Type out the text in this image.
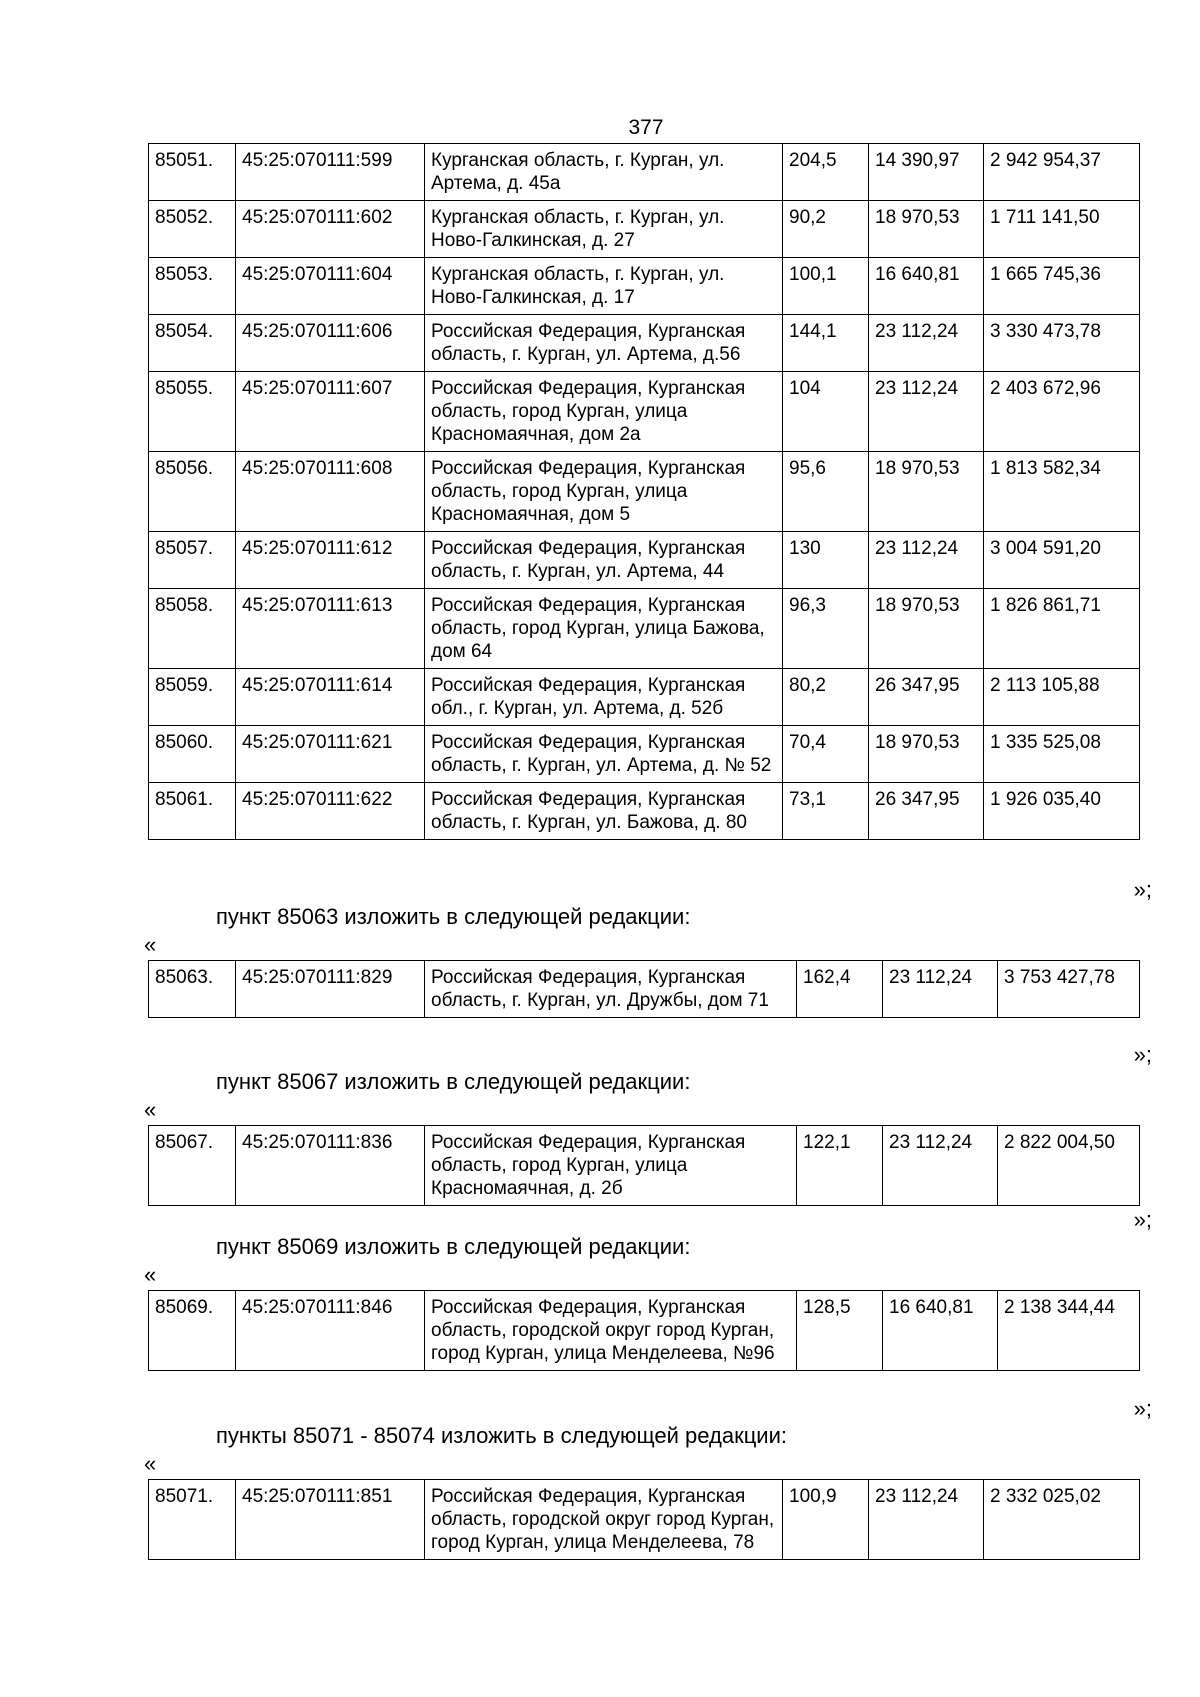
377
85051.	45:25:070111:599	Курганская область, г. Курган, ул. Артема, д. 45а	204,5	14 390,97	2 942 954,37
85052.	45:25:070111:602	Курганская область, г. Курган, ул. Ново-Галкинская, д. 27	90,2	18 970,53	1 711 141,50
85053.	45:25:070111:604	Курганская область, г. Курган, ул. Ново-Галкинская, д. 17	100,1	16 640,81	1 665 745,36
85054.	45:25:070111:606	Российская Федерация, Курганская область, г. Курган, ул. Артема, д.56	144,1	23 112,24	3 330 473,78
85055.	45:25:070111:607	Российская Федерация, Курганская область, город Курган, улица Красномаячная, дом 2а	104	23 112,24	2 403 672,96
85056.	45:25:070111:608	Российская Федерация, Курганская область, город Курган, улица Красномаячная, дом 5	95,6	18 970,53	1 813 582,34
85057.	45:25:070111:612	Российская Федерация, Курганская область, г. Курган, ул. Артема, 44	130	23 112,24	3 004 591,20
85058.	45:25:070111:613	Российская Федерация, Курганская область, город Курган, улица Бажова, дом 64	96,3	18 970,53	1 826 861,71
85059.	45:25:070111:614	Российская Федерация, Курганская обл., г. Курган, ул. Артема, д. 52б	80,2	26 347,95	2 113 105,88
85060.	45:25:070111:621	Российская Федерация, Курганская область, г. Курган, ул. Артема, д. № 52	70,4	18 970,53	1 335 525,08
85061.	45:25:070111:622	Российская Федерация, Курганская область, г. Курган, ул. Бажова, д. 80	73,1	26 347,95	1 926 035,40
»;
пункт 85063 изложить в следующей редакции:
«
85063.	45:25:070111:829	Российская Федерация, Курганская область, г. Курган, ул. Дружбы, дом 71	162,4	23 112,24	3 753 427,78
»;
пункт 85067 изложить в следующей редакции:
«
85067.	45:25:070111:836	Российская Федерация, Курганская область, город Курган, улица Красномаячная, д. 2б	122,1	23 112,24	2 822 004,50
»;
пункт 85069 изложить в следующей редакции:
«
85069.	45:25:070111:846	Российская Федерация, Курганская область, городской округ город Курган, город Курган, улица Менделеева, №96	128,5	16 640,81	2 138 344,44
»;
пункты 85071 - 85074 изложить в следующей редакции:
«
85071.	45:25:070111:851	Российская Федерация, Курганская область, городской округ город Курган, город Курган, улица Менделеева, 78	100,9	23 112,24	2 332 025,02
